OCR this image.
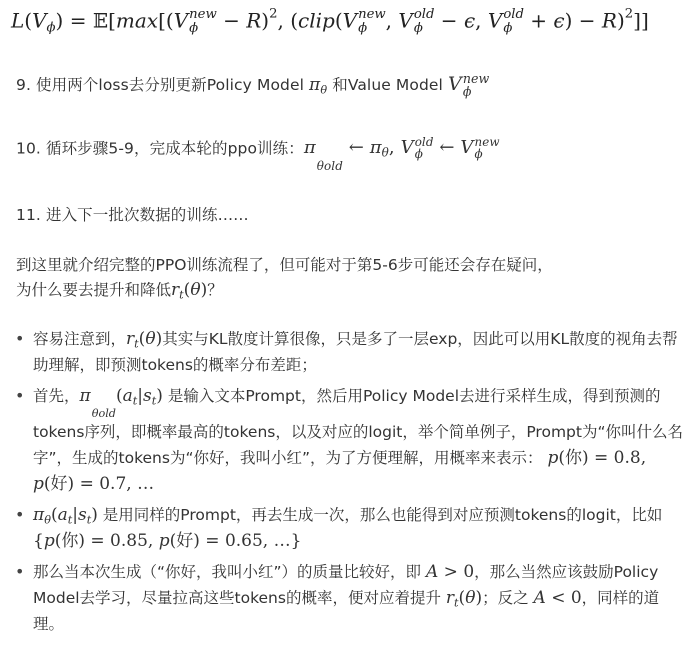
$L(V_\phi)$ = 𝔼[max[(V new
ϕ − R)$^2$, (clip(V new
ϕ , V old
ϕ − ϵ, V old
ϕ + ϵ) − R)$^2$]]
9. 使用两个loss去分别更新Policy Model $\pi_\theta$ 和Value Model V new
ϕ
10. 循环步骤5-9，完成本轮的ppo训练：π

θold
← $\pi_\theta$, V old
ϕ ← V new
ϕ
11. 进入下一批次数据的训练……
到这里就介绍完整的PPO训练流程了，但可能对于第5-6步可能还会存在疑问，
为什么要去提升和降低$r_t(\theta)$？
• 容易注意到，$r_t(\theta)$其实与KL散度计算很像，只是多了一层exp，因此可以用KL散度的视角去帮助理解，即预测tokens的概率分布差距；
• 首先，π

θold
$(a_t|s_t)$ 是输入文本Prompt，然后用Policy Model去进行采样生成，得到预测的tokens序列，即概率最高的tokens，以及对应的logit，举个简单例子，Prompt为“你叫什么名字”，生成的tokens为“你好，我叫小红”，为了方便理解，用概率来表示： p(你) = 0.8, p(好) = 0.7, …
• $\pi_\theta(a_t|s_t)$ 是用同样的Prompt，再去生成一次，那么也能得到对应预测tokens的logit，比如{p(你) = 0.85, p(好) = 0.65, …}
• 那么当本次生成（“你好，我叫小红”）的质量比较好，即 A > 0，那么当然应该鼓励Policy Model去学习，尽量拉高这些tokens的概率，便对应着提升 $r_t(\theta)$；反之 A < 0，同样的道理。
